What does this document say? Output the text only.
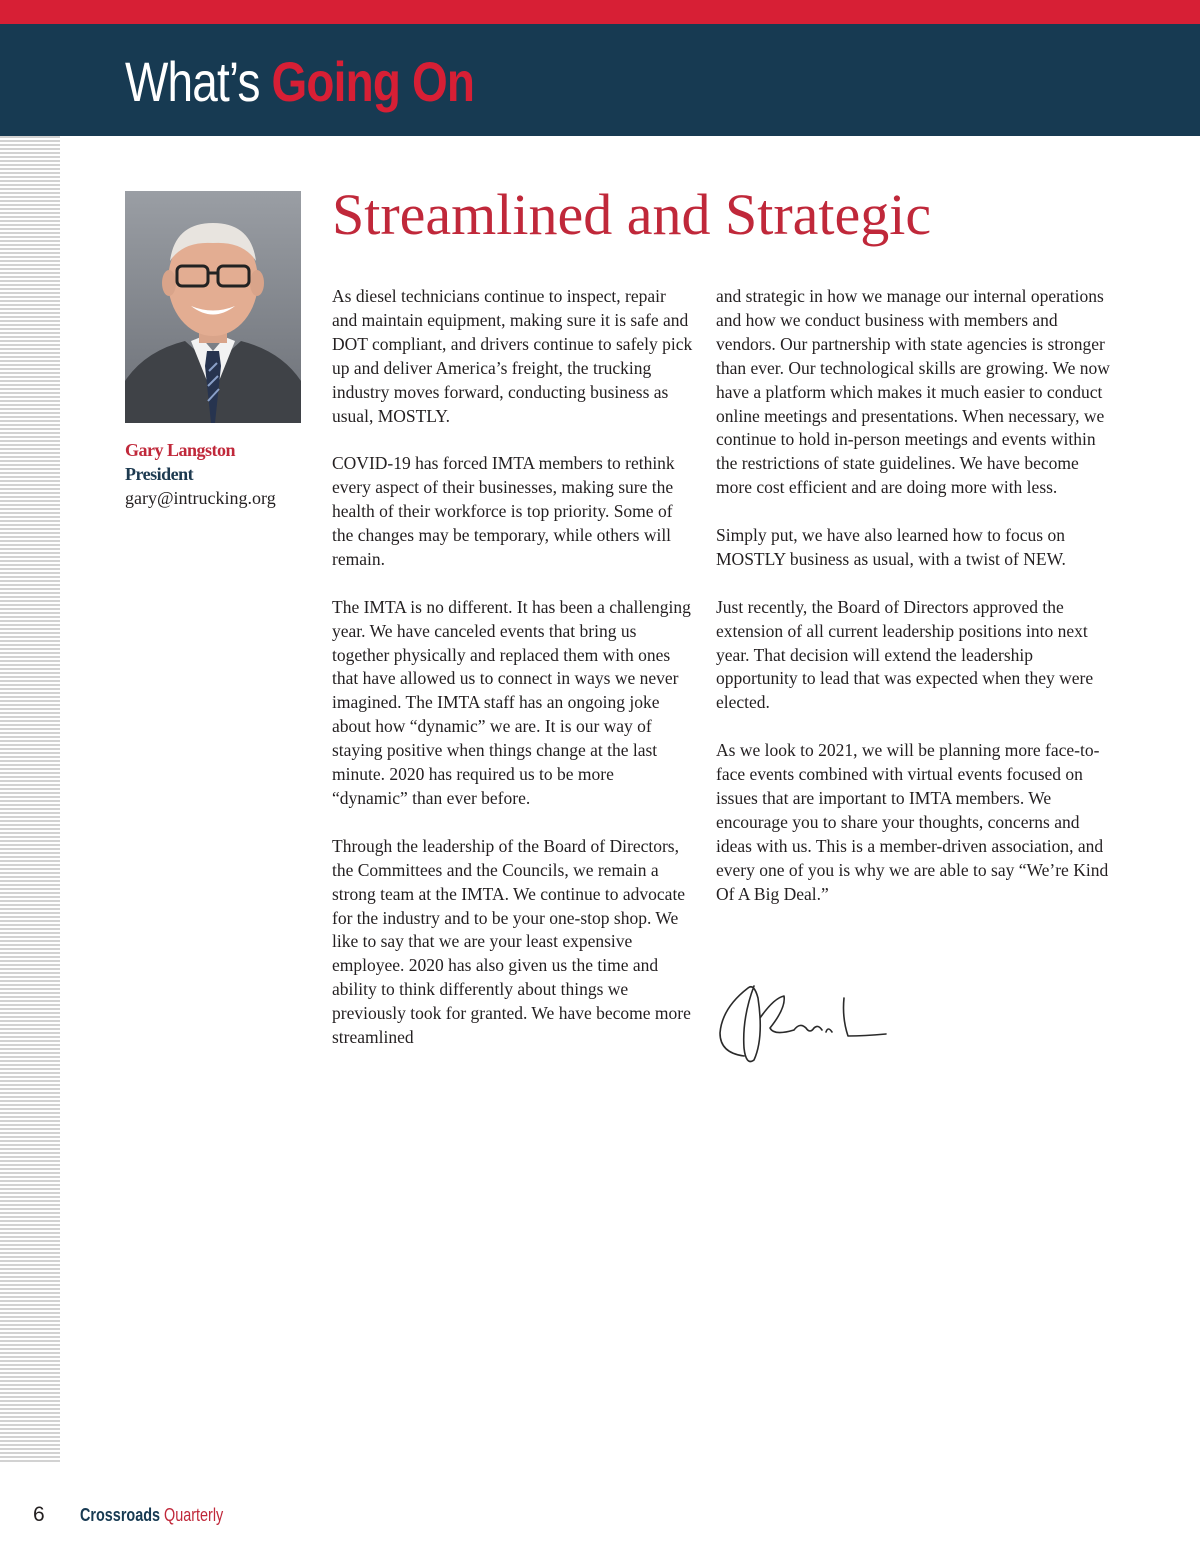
What’s Going On
Gary Langston
President
gary@intrucking.org
Streamlined and Strategic

As diesel technicians continue to inspect, repair and maintain equipment, making sure it is safe and DOT compliant, and drivers continue to safely pick up and deliver America’s freight, the trucking industry moves forward, conducting business as usual, MOSTLY.

COVID-19 has forced IMTA members to rethink every aspect of their businesses, making sure the health of their workforce is top priority. Some of the changes may be temporary, while others will remain.

The IMTA is no different. It has been a challenging year. We have canceled events that bring us together physically and replaced them with ones that have allowed us to connect in ways we never imagined. The IMTA staff has an ongoing joke about how “dynamic” we are. It is our way of staying positive when things change at the last minute. 2020 has required us to be more “dynamic” than ever before.

Through the leadership of the Board of Directors, the Committees and the Councils, we remain a strong team at the IMTA. We continue to advocate for the industry and to be your one-stop shop. We like to say that we are your least expensive employee. 2020 has also given us the time and ability to think differently about things we previously took for granted. We have become more streamlined

and strategic in how we manage our internal operations and how we conduct business with members and vendors. Our partnership with state agencies is stronger than ever. Our technological skills are growing. We now have a platform which makes it much easier to conduct online meetings and presentations. When necessary, we continue to hold in-person meetings and events within the restrictions of state guidelines. We have become more cost efficient and are doing more with less.

Simply put, we have also learned how to focus on MOSTLY business as usual, with a twist of NEW.

Just recently, the Board of Directors approved the extension of all current leadership positions into next year. That decision will extend the leadership opportunity to lead that was expected when they were elected.

As we look to 2021, we will be planning more face-to-face events combined with virtual events focused on issues that are important to IMTA members. We encourage you to share your thoughts, concerns and ideas with us. This is a member-driven association, and every one of you is why we are able to say “We’re Kind Of A Big Deal.”

6 Crossroads Quarterly
